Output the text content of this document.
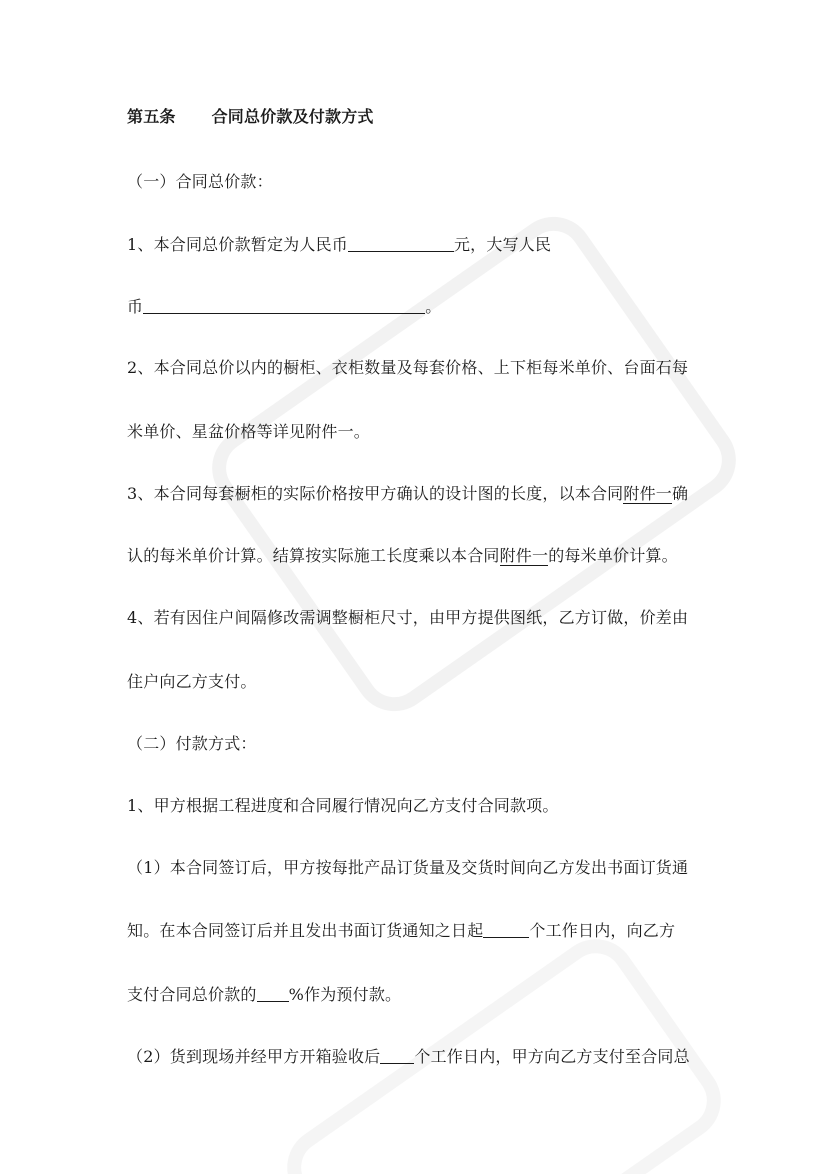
第五条 合同总价款及付款方式
（一）合同总价款：
1、本合同总价款暂定为人民币	元，大写人民
币	。
2、本合同总价以内的橱柜、衣柜数量及每套价格、上下柜每米单价、台面石每
米单价、星盆价格等详见附件一。
3、本合同每套橱柜的实际价格按甲方确认的设计图的长度，以本合同附件一确
认的每米单价计算。结算按实际施工长度乘以本合同附件一的每米单价计算。
4、若有因住户间隔修改需调整橱柜尺寸，由甲方提供图纸，乙方订做，价差由
住户向乙方支付。
（二）付款方式：
1、甲方根据工程进度和合同履行情况向乙方支付合同款项。
（1）本合同签订后，甲方按每批产品订货量及交货时间向乙方发出书面订货通
知。在本合同签订后并且发出书面订货通知之日起	个工作日内，向乙方
支付合同总价款的 %作为预付款。
（2）货到现场并经甲方开箱验收后 个工作日内，甲方向乙方支付至合同总
